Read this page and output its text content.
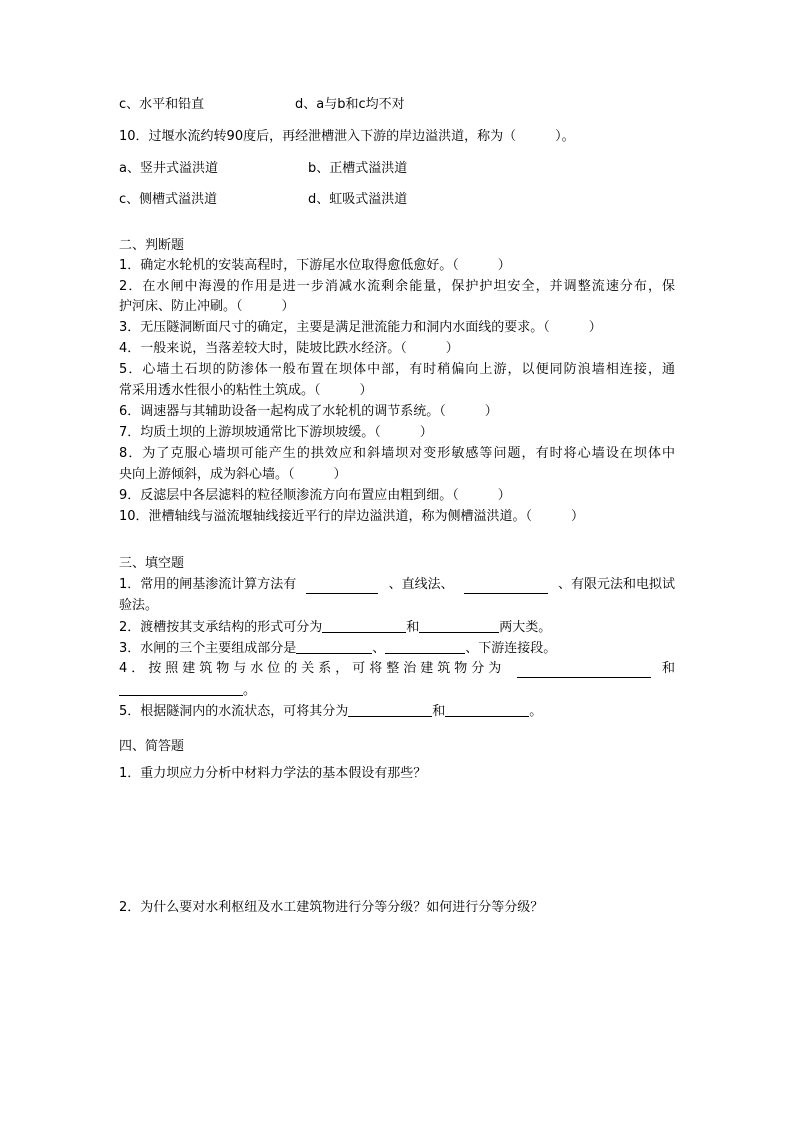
c、水平和铅直	d、a与b和c均不对
10．过堰水流约转90度后，再经泄槽泄入下游的岸边溢洪道，称为（　　　）。
a、竖井式溢洪道	b、正槽式溢洪道
c、侧槽式溢洪道	d、虹吸式溢洪道
二、判断题
1．确定水轮机的安装高程时，下游尾水位取得愈低愈好。（　　　）
2．在水闸中海漫的作用是进一步消减水流剩余能量，保护护坦安全，并调整流速分布，保
护河床、防止冲刷。（　　　）
3．无压隧洞断面尺寸的确定，主要是满足泄流能力和洞内水面线的要求。（　　　）
4．一般来说，当落差较大时，陡坡比跌水经济。（　　　）
5．心墙土石坝的防渗体一般布置在坝体中部，有时稍偏向上游，以便同防浪墙相连接，通
常采用透水性很小的粘性土筑成。（　　　）
6．调速器与其辅助设备一起构成了水轮机的调节系统。（　　　）
7．均质土坝的上游坝坡通常比下游坝坡缓。（　　　）
8．为了克服心墙坝可能产生的拱效应和斜墙坝对变形敏感等问题，有时将心墙设在坝体中
央向上游倾斜，成为斜心墙。（　　　）
9．反滤层中各层滤料的粒径顺渗流方向布置应由粗到细。（　　　）
10．泄槽轴线与溢流堰轴线接近平行的岸边溢洪道，称为侧槽溢洪道。（　　　）
三、填空题
1．常用的闸基渗流计算方法有	、直线法、	、有限元法和电拟试
验法。
2．渡槽按其支承结构的形式可分为	和	两大类。
3．水闸的三个主要组成部分是	、	、下游连接段。
4．按照建筑物与水位的关系，可将整治建筑物分为	和
。
5．根据隧洞内的水流状态，可将其分为	和	。
四、简答题
1．重力坝应力分析中材料力学法的基本假设有那些？
2．为什么要对水利枢纽及水工建筑物进行分等分级？如何进行分等分级？
